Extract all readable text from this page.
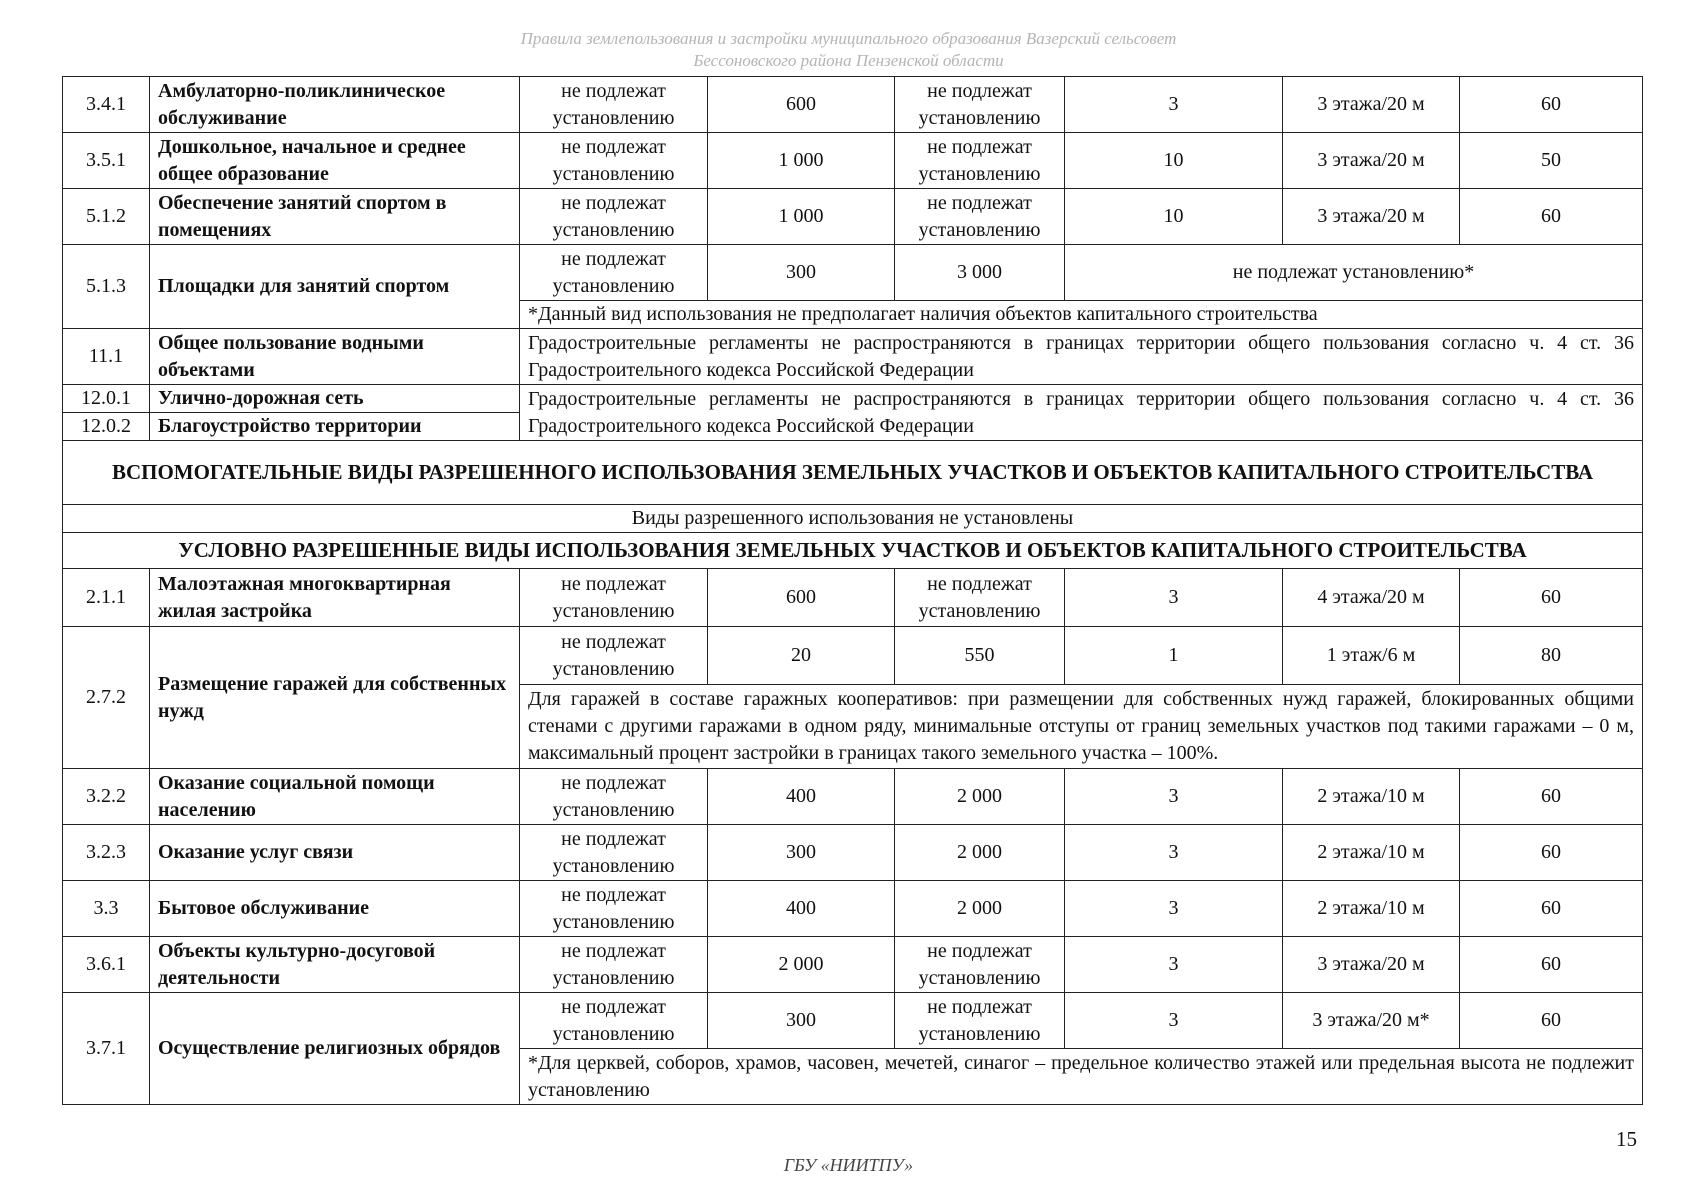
Правила землепользования и застройки муниципального образования Вазерский сельсовет
Бессоновского района Пензенской области
3.4.1	Амбулаторно-поликлиническое обслуживание	не подлежат установлению	600	не подлежат установлению	3	3 этажа/20 м	60
3.5.1	Дошкольное, начальное и среднее общее образование	не подлежат установлению	1 000	не подлежат установлению	10	3 этажа/20 м	50
5.1.2	Обеспечение занятий спортом в помещениях	не подлежат установлению	1 000	не подлежат установлению	10	3 этажа/20 м	60
5.1.3	Площадки для занятий спортом	не подлежат установлению	300	3 000	не подлежат установлению*		
		*Данный вид использования не предполагает наличия объектов капитального строительства					
11.1	Общее пользование водными объектами	Градостроительные регламенты не распространяются в границах территории общего пользования согласно ч. 4 ст. 36 Градостроительного кодекса Российской Федерации					
12.0.1	Улично-дорожная сеть	Градостроительные регламенты не распространяются в границах территории общего пользования согласно ч. 4 ст. 36 Градостроительного кодекса Российской Федерации					
12.0.2	Благоустройство территории						
ВСПОМОГАТЕЛЬНЫЕ ВИДЫ РАЗРЕШЕННОГО ИСПОЛЬЗОВАНИЯ ЗЕМЕЛЬНЫХ УЧАСТКОВ И ОБЪЕКТОВ КАПИТАЛЬНОГО СТРОИТЕЛЬСТВА							
Виды разрешенного использования не установлены							
УСЛОВНО РАЗРЕШЕННЫЕ ВИДЫ ИСПОЛЬЗОВАНИЯ ЗЕМЕЛЬНЫХ УЧАСТКОВ И ОБЪЕКТОВ КАПИТАЛЬНОГО СТРОИТЕЛЬСТВА							
2.1.1	Малоэтажная многоквартирная жилая застройка	не подлежат установлению	600	не подлежат установлению	3	4 этажа/20 м	60
2.7.2	Размещение гаражей для собственных нужд	не подлежат установлению	20	550	1	1 этаж/6 м	80
		Для гаражей в составе гаражных кооперативов: при размещении для собственных нужд гаражей, блокированных общими стенами с другими гаражами в одном ряду, минимальные отступы от границ земельных участков под такими гаражами – 0 м, максимальный процент застройки в границах такого земельного участка – 100%.					
3.2.2	Оказание социальной помощи населению	не подлежат установлению	400	2 000	3	2 этажа/10 м	60
3.2.3	Оказание услуг связи	не подлежат установлению	300	2 000	3	2 этажа/10 м	60
3.3	Бытовое обслуживание	не подлежат установлению	400	2 000	3	2 этажа/10 м	60
3.6.1	Объекты культурно-досуговой деятельности	не подлежат установлению	2 000	не подлежат установлению	3	3 этажа/20 м	60
3.7.1	Осуществление религиозных обрядов	не подлежат установлению	300	не подлежат установлению	3	3 этажа/20 м*	60
		*Для церквей, соборов, храмов, часовен, мечетей, синагог – предельное количество этажей или предельная высота не подлежит установлению					
15
ГБУ «НИИТПУ»
